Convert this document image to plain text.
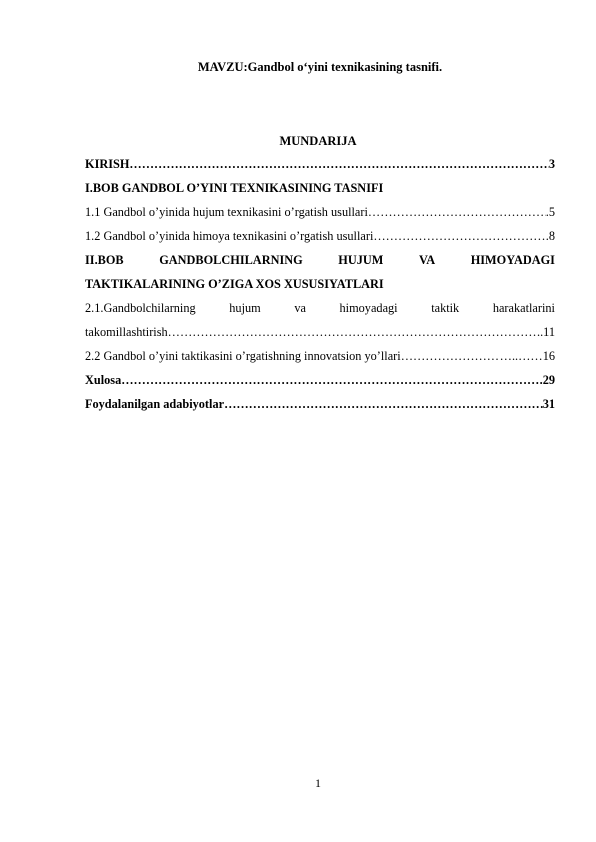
MAVZU:Gandbol oʻyini texnikasining tasnifi.
MUNDARIJA
KIRISH …………………………………………………………………………………………………………………………………………………………	3
I.BOB GANDBOL O’YINI TEXNIKASINING TASNIFI
1.1 Gandbol o’yinida hujum texnikasini o’rgatish usullari …………………………………………………………………………………………………………………………………………………………	.5
1.2 Gandbol o’yinida himoya texnikasini o’rgatish usullari …………………………………………………………………………………………………………………………………………………………	.8
II.BOB	GANDBOLCHILARNING	HUJUM	VA	HIMOYADAGI
TAKTIKALARINING O’ZIGA XOS XUSUSIYATLARI
2.1.Gandbolchilarning	hujum	va	himoyadagi	taktik	harakatlarini
takomillashtirish …………………………………………………………………………………………………………………………………………………………	..11
2.2 Gandbol o’yini taktikasini o’rgatishning innovatsion yo’llari …………………………………………………………………………………………………………………………………………………………	…..……16
Xulosa …………………………………………………………………………………………………………………………………………………………	.29
Foydalanilgan adabiyotlar …………………………………………………………………………………………………………………………………………………………	31
1
